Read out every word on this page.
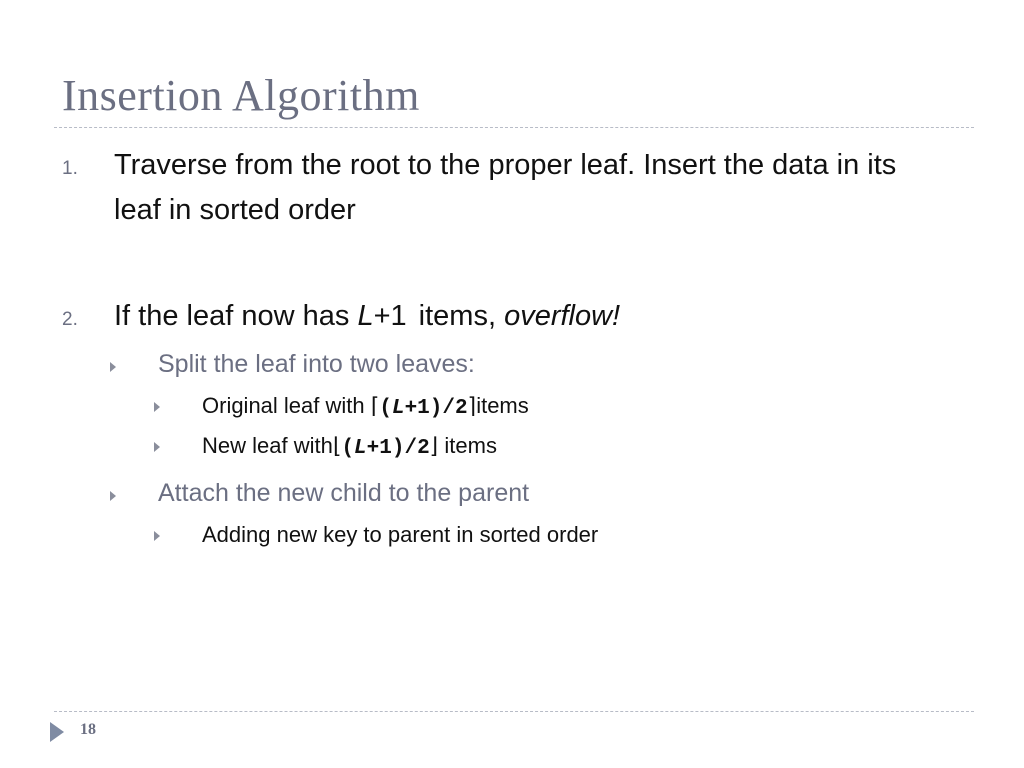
Insertion Algorithm
1. Traverse from the root to the proper leaf. Insert the data in its leaf in sorted order
2. If the leaf now has L+1 items, overflow!
Split the leaf into two leaves:
Original leaf with ⌈(L+1)/2⌉items
New leaf with⌊(L+1)/2⌋ items
Attach the new child to the parent
Adding new key to parent in sorted order
18
